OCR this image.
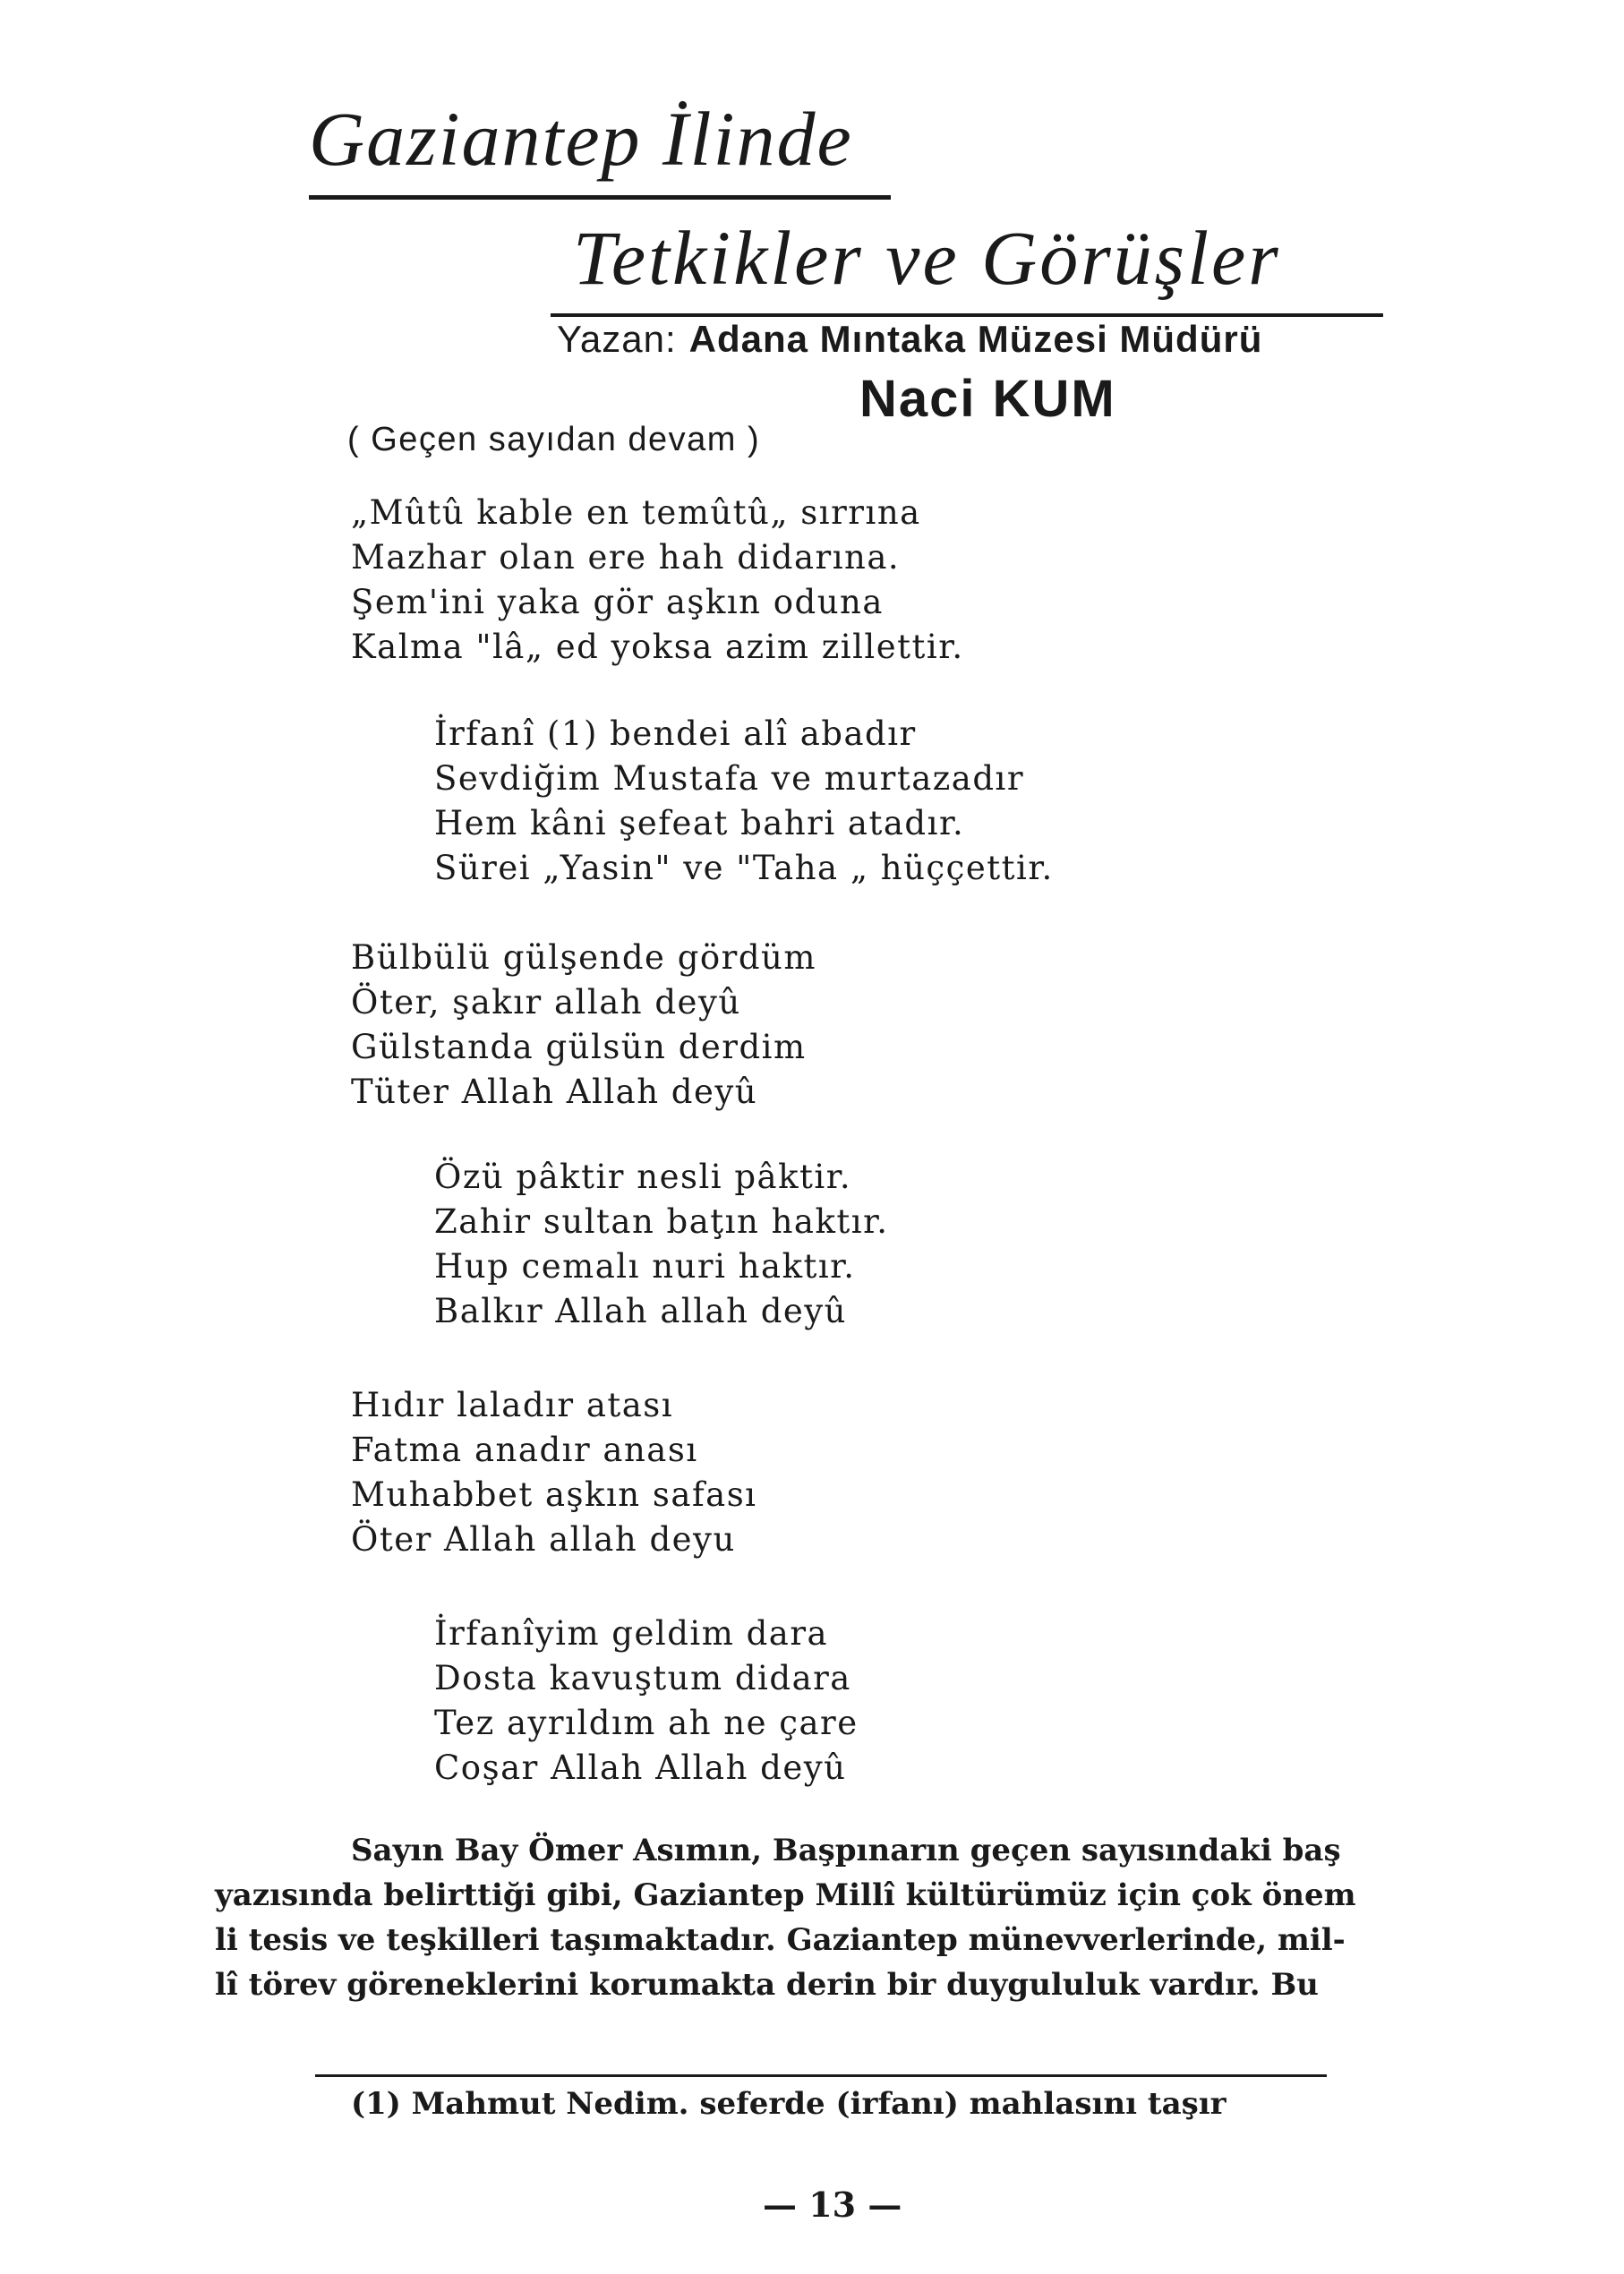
Gaziantep İlinde
Tetkikler ve Görüşler
Yazan: Adana Mıntaka Müzesi Müdürü
Naci KUM
( Geçen sayıdan devam )
„Mûtû kable en temûtû„ sırrına
Mazhar olan ere hah didarına.
Şem'ini yaka gör aşkın oduna
Kalma "lâ„ ed yoksa azim zillettir.
İrfanî (1) bendei alî abadır
Sevdiğim Mustafa ve murtazadır
Hem kâni şefeat bahri atadır.
Sürei „Yasin" ve "Taha „ hüççettir.
Bülbülü gülşende gördüm
Öter, şakır allah deyû
Gülstanda gülsün derdim
Tüter Allah Allah deyû
Özü pâktir nesli pâktir.
Zahir sultan baţın haktır.
Hup cemalı nuri haktır.
Balkır Allah allah deyû
Hıdır laladır atası
Fatma anadır anası
Muhabbet aşkın safası
Öter Allah allah deyu
İrfanîyim geldim dara
Dosta kavuştum didara
Tez ayrıldım ah ne çare
Coşar Allah Allah deyû
Sayın Bay Ömer Asımın, Başpınarın geçen sayısındaki baş
yazısında belirttiği gibi, Gaziantep Millî kültürümüz için çok önem
li tesis ve teşkilleri taşımaktadır. Gaziantep münevverlerinde, mil-
lî törev göreneklerini korumakta derin bir duygululuk vardır. Bu
(1) Mahmut Nedim. seferde (irfanı) mahlasını taşır
— 13 —
